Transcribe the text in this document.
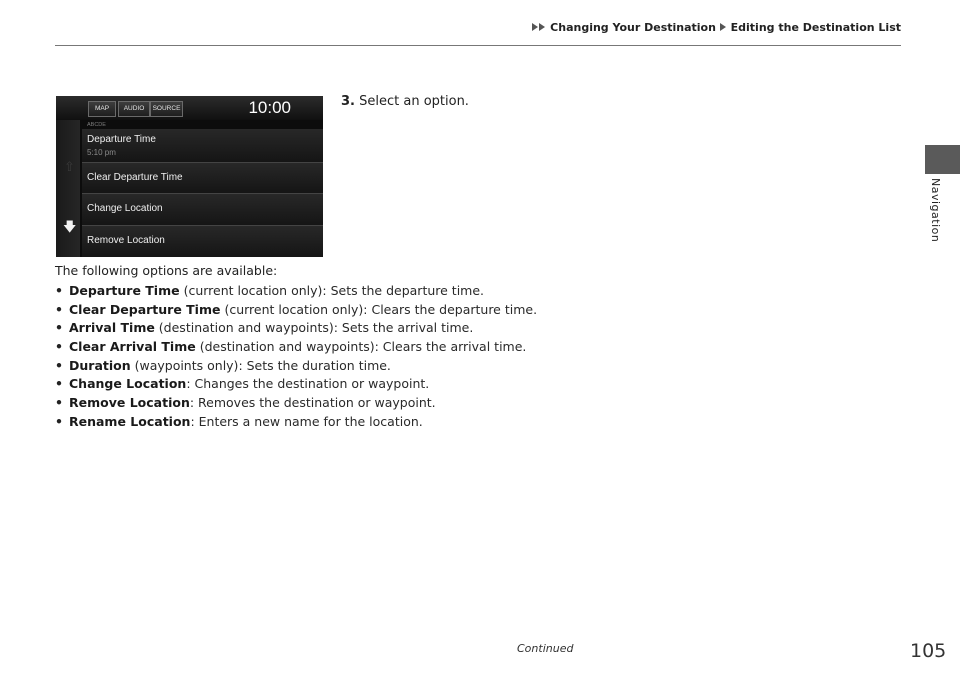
Changing Your Destination Editing the Destination List
Navigation
MAP	AUDIO	SOURCE	10:00
⇧
🡇
ABCDE
Departure Time
5:10 pm
Clear Departure Time
Change Location
Remove Location
3. Select an option.
The following options are available:
• Departure Time (current location only): Sets the departure time.
• Clear Departure Time (current location only): Clears the departure time.
• Arrival Time (destination and waypoints): Sets the arrival time.
• Clear Arrival Time (destination and waypoints): Clears the arrival time.
• Duration (waypoints only): Sets the duration time.
• Change Location: Changes the destination or waypoint.
• Remove Location: Removes the destination or waypoint.
• Rename Location: Enters a new name for the location.
Continued	105
